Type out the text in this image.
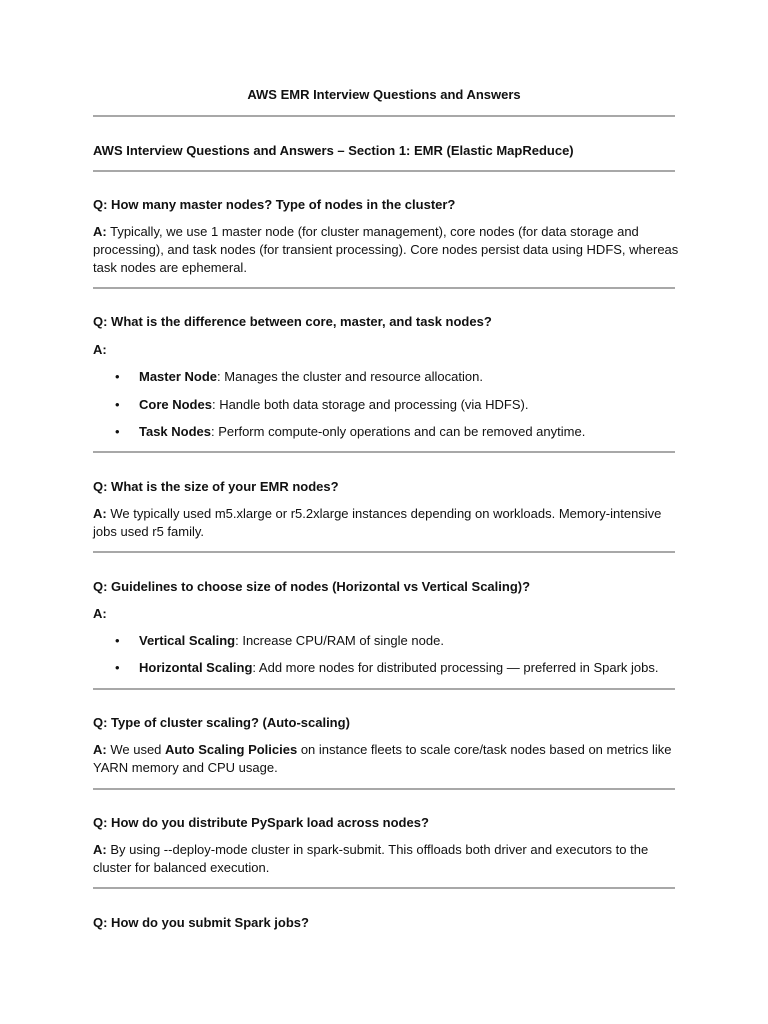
AWS EMR Interview Questions and Answers
AWS Interview Questions and Answers – Section 1: EMR (Elastic MapReduce)
Q: How many master nodes? Type of nodes in the cluster?
A: Typically, we use 1 master node (for cluster management), core nodes (for data storage and
processing), and task nodes (for transient processing). Core nodes persist data using HDFS, whereas
task nodes are ephemeral.
Q: What is the difference between core, master, and task nodes?
A:
• Master Node: Manages the cluster and resource allocation.
• Core Nodes: Handle both data storage and processing (via HDFS).
• Task Nodes: Perform compute-only operations and can be removed anytime.
Q: What is the size of your EMR nodes?
A: We typically used m5.xlarge or r5.2xlarge instances depending on workloads. Memory-intensive
jobs used r5 family.
Q: Guidelines to choose size of nodes (Horizontal vs Vertical Scaling)?
A:
• Vertical Scaling: Increase CPU/RAM of single node.
• Horizontal Scaling: Add more nodes for distributed processing — preferred in Spark jobs.
Q: Type of cluster scaling? (Auto-scaling)
A: We used Auto Scaling Policies on instance fleets to scale core/task nodes based on metrics like
YARN memory and CPU usage.
Q: How do you distribute PySpark load across nodes?
A: By using --deploy-mode cluster in spark-submit. This offloads both driver and executors to the
cluster for balanced execution.
Q: How do you submit Spark jobs?
